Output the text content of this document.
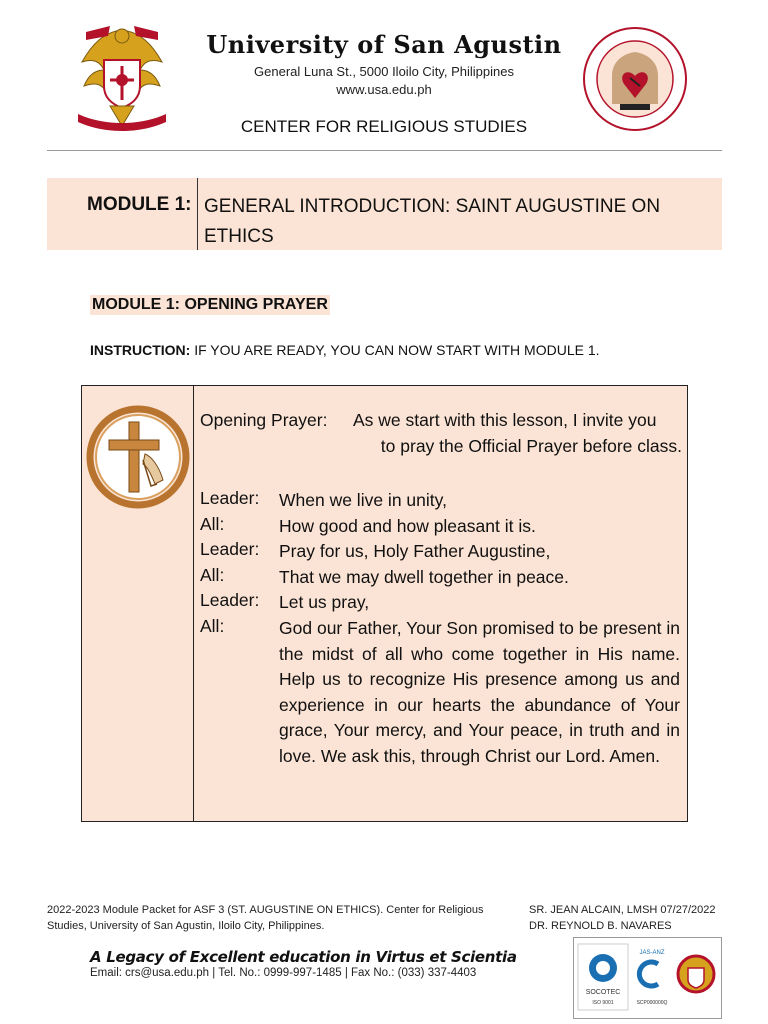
University of San Agustin
General Luna St., 5000 Iloilo City, Philippines
www.usa.edu.ph
CENTER FOR RELIGIOUS STUDIES
MODULE 1: GENERAL INTRODUCTION: SAINT AUGUSTINE ON ETHICS
MODULE 1: OPENING PRAYER
INSTRUCTION: IF YOU ARE READY, YOU CAN NOW START WITH MODULE 1.
Opening Prayer: As we start with this lesson, I invite you
to pray the Official Prayer before class.
Leader: When we live in unity,
All:	How good and how pleasant it is.
Leader: Pray for us, Holy Father Augustine,
All:	That we may dwell together in peace.
Leader: Let us pray,
All:	God our Father, Your Son promised to be present in the midst of all who come together in His name. Help us to recognize His presence among us and experience in our hearts the abundance of Your grace, Your mercy, and Your peace, in truth and in love. We ask this, through Christ our Lord. Amen.
2022-2023 Module Packet for ASF 3 (ST. AUGUSTINE ON ETHICS). Center for Religious Studies, University of San Agustin, Iloilo City, Philippines.
SR. JEAN ALCAIN, LMSH 07/27/2022
DR. REYNOLD B. NAVARES
A Legacy of Excellent education in Virtus et Scientia
Email: crs@usa.edu.ph | Tel. No.: 0999-997-1485 | Fax No.: (033) 337-4403
SOCOTEC
ISO 9001
JAS-ANZ
SCP000000Q
